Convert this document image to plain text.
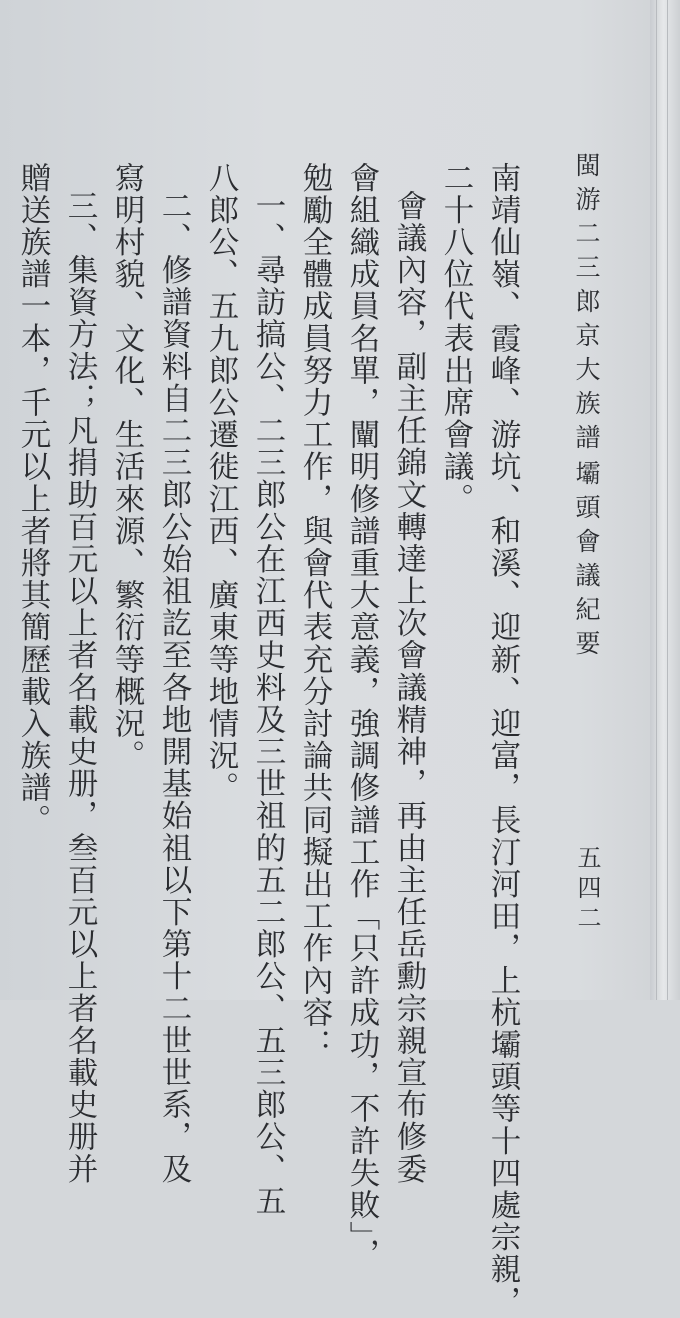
閩游二三郎京大族譜
壩頭會議紀要
五四二
南靖仙嶺、霞峰、游坑、和溪、迎新、迎富，長汀河田，上杭壩頭等十四處宗親，
二十八位代表出席會議。
會議內容，副主任錦文轉達上次會議精神，再由主任岳勳宗親宣布修委
會組織成員名單，闡明修譜重大意義，強調修譜工作「只許成功，不許失敗」，
勉勵全體成員努力工作，與會代表充分討論共同擬出工作內容：
一、尋訪搞公、二三郎公在江西史料及三世祖的五二郎公、五三郎公、五
八郎公、五九郎公遷徙江西、廣東等地情況。
二、修譜資料自二三郎公始祖訖至各地開基始祖以下第十二世世系，及
寫明村貌、文化、生活來源、繁衍等概況。
三、集資方法；凡捐助百元以上者名載史册，叁百元以上者名載史册并
贈送族譜一本，千元以上者將其簡歷載入族譜。
